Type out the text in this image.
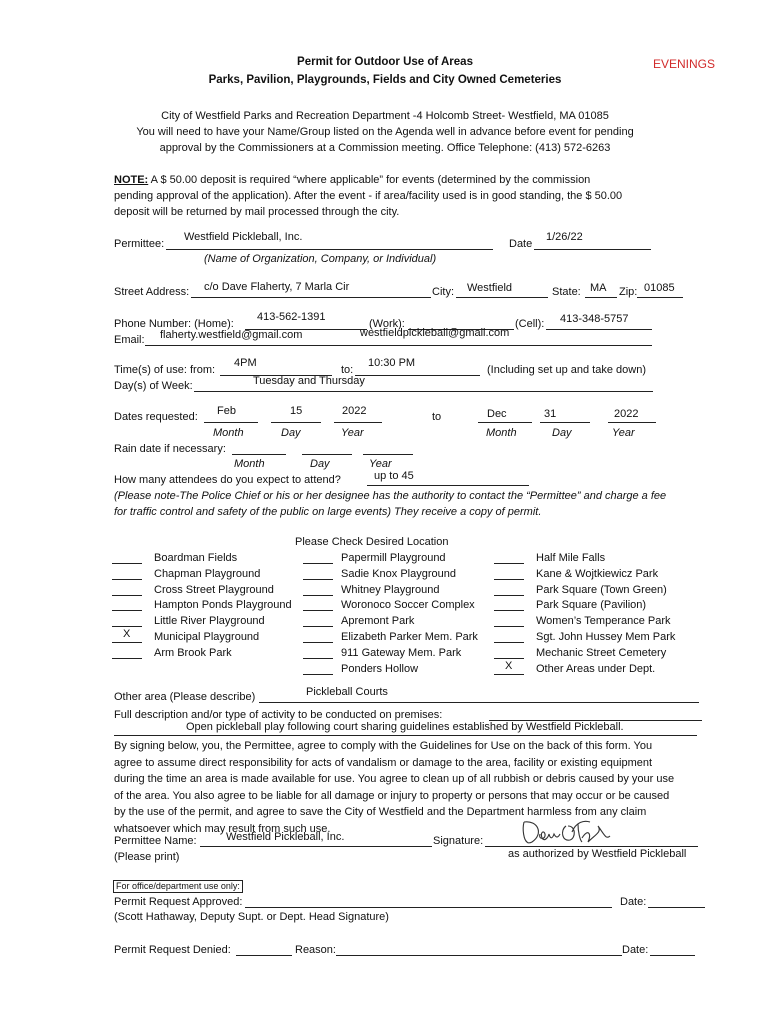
EVENINGS
Permit for Outdoor Use of Areas
Parks, Pavilion, Playgrounds, Fields and City Owned Cemeteries
City of Westfield Parks and Recreation Department -4 Holcomb Street- Westfield, MA 01085
You will need to have your Name/Group listed on the Agenda well in advance before event for pending
approval by the Commissioners at a Commission meeting. Office Telephone: (413) 572-6263
NOTE: A $ 50.00 deposit is required “where applicable” for events (determined by the commission
pending approval of the application). After the event - if area/facility used is in good standing, the $ 50.00
deposit will be returned by mail processed through the city.
Permittee:
Westfield Pickleball, Inc.
Date
1/26/22
(Name of Organization, Company, or Individual)
Street Address: c/o Dave Flaherty, 7 Marla Cir	City: Westfield	State: MA Zip: 01085
Phone Number: (Home):
413-562-1391
(Work):	(Cell): 413-348-5757
Email: flaherty.westfield@gmail.com	westfieldpickleball@gmail.com
Time(s) of use: from:
4PM
to:
10:30 PM
(Including set up and take down)
Day(s) of Week:	Tuesday and Thursday
Dates requested: Feb	15	2022	to	Dec	31	2022
Month	Day	Year	Month	Day	Year
Rain date if necessary:
Month	Day	Year
How many attendees do you expect to attend?	up to 45
(Please note-The Police Chief or his or her designee has the authority to contact the “Permittee” and charge a fee
for traffic control and safety of the public on large events) They receive a copy of permit.
Please Check Desired Location
Boardman Fields
Chapman Playground
Cross Street Playground
Hampton Ponds Playground
Little River Playground
X Municipal Playground
Arm Brook Park
Papermill Playground
Sadie Knox Playground
Whitney Playground
Woronoco Soccer Complex
Apremont Park
Elizabeth Parker Mem. Park
911 Gateway Mem. Park
Ponders Hollow
Half Mile Falls
Kane & Wojtkiewicz Park
Park Square (Town Green)
Park Square (Pavilion)
Women’s Temperance Park
Sgt. John Hussey Mem Park
Mechanic Street Cemetery
X Other Areas under Dept.
Other area (Please describe)	Pickleball Courts
Full description and/or type of activity to be conducted on premises:
Open pickleball play following court sharing guidelines established by Westfield Pickleball.
By signing below, you, the Permittee, agree to comply with the Guidelines for Use on the back of this form. You
agree to assume direct responsibility for acts of vandalism or damage to the area, facility or existing equipment
during the time an area is made available for use. You agree to clean up of all rubbish or debris caused by your use
of the area. You also agree to be liable for all damage or injury to property or persons that may occur or be caused
by the use of the permit, and agree to save the City of Westfield and the Department harmless from any claim
whatsoever which may result from such use.
Permittee Name:	Westfield Pickleball, Inc.	Signature:
(Please print)	as authorized by Westfield Pickleball
For office/department use only:
Permit Request Approved:	Date:
(Scott Hathaway, Deputy Supt. or Dept. Head Signature)
Permit Request Denied:	Reason:	Date:
